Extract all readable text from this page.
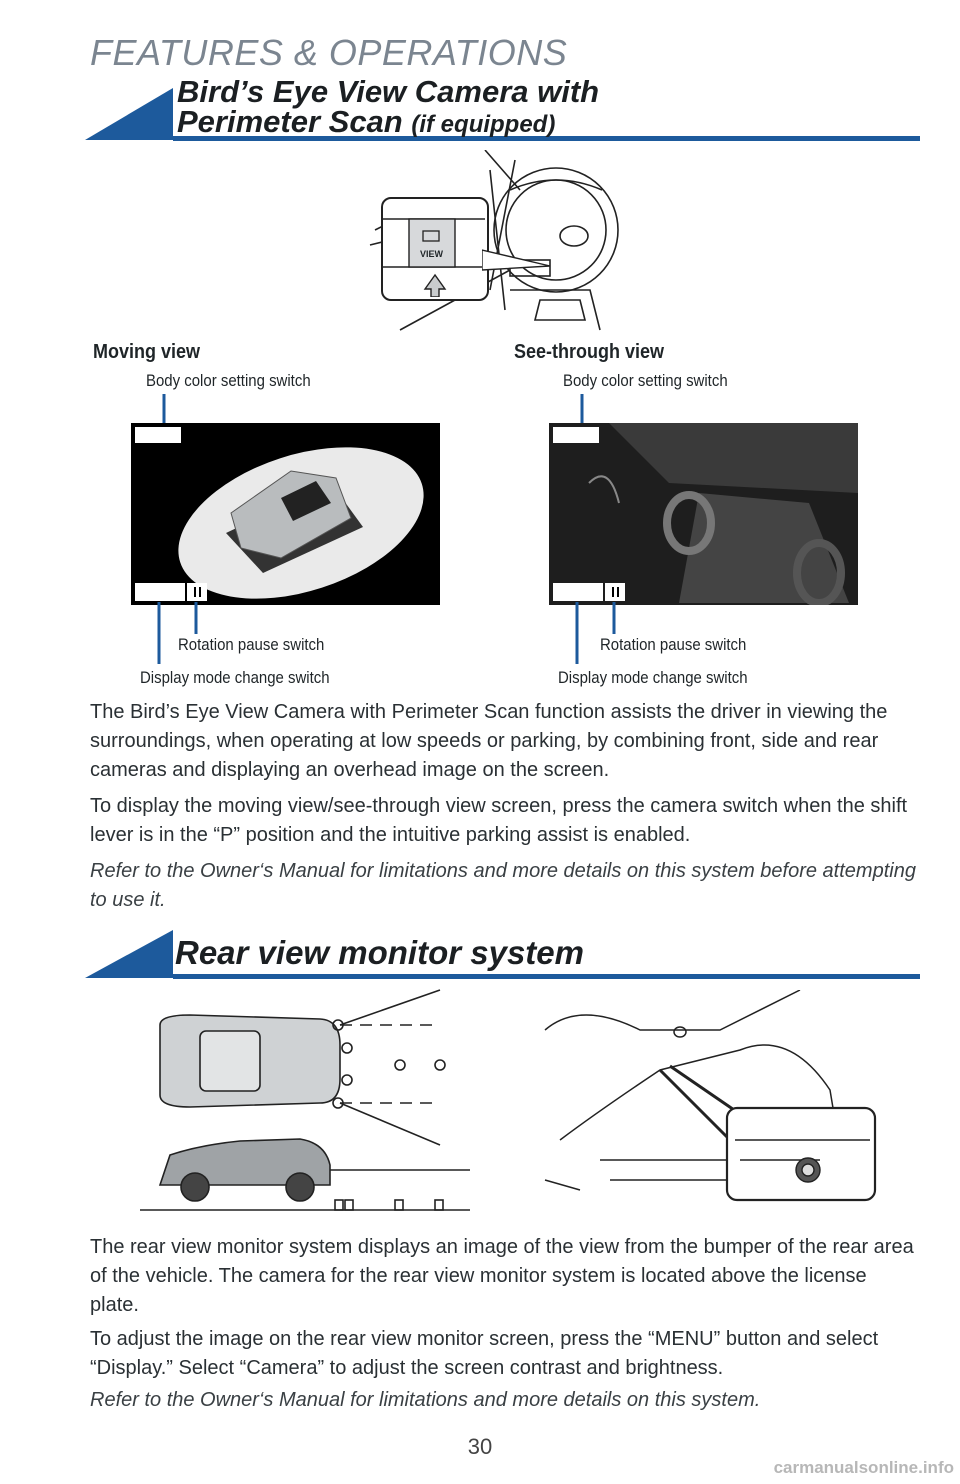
FEATURES & OPERATIONS
Bird’s Eye View Camera with
Perimeter Scan (if equipped)
VIEW
Moving view
Body color setting switch
Rotation pause switch
Display mode change switch
See-through view
Body color setting switch
Rotation pause switch
Display mode change switch

The Bird’s Eye View Camera with Perimeter Scan function assists the driver in viewing the surroundings, when operating at low speeds or parking, by combining front, side and rear cameras and displaying an overhead image on the screen.

To display the moving view/see-through view screen, press the camera switch when the shift lever is in the “P” position and the intuitive parking assist is enabled.

Refer to the Owner‘s Manual for limitations and more details on this system before attempting to use it.

Rear view monitor system

The rear view monitor system displays an image of the view from the bumper of the rear area of the vehicle. The camera for the rear view monitor system is located above the license plate.

To adjust the image on the rear view monitor screen, press the “MENU” button and select “Display.” Select “Camera” to adjust the screen contrast and brightness.

Refer to the Owner‘s Manual for limitations and more details on this system.

30
carmanualsonline.info
